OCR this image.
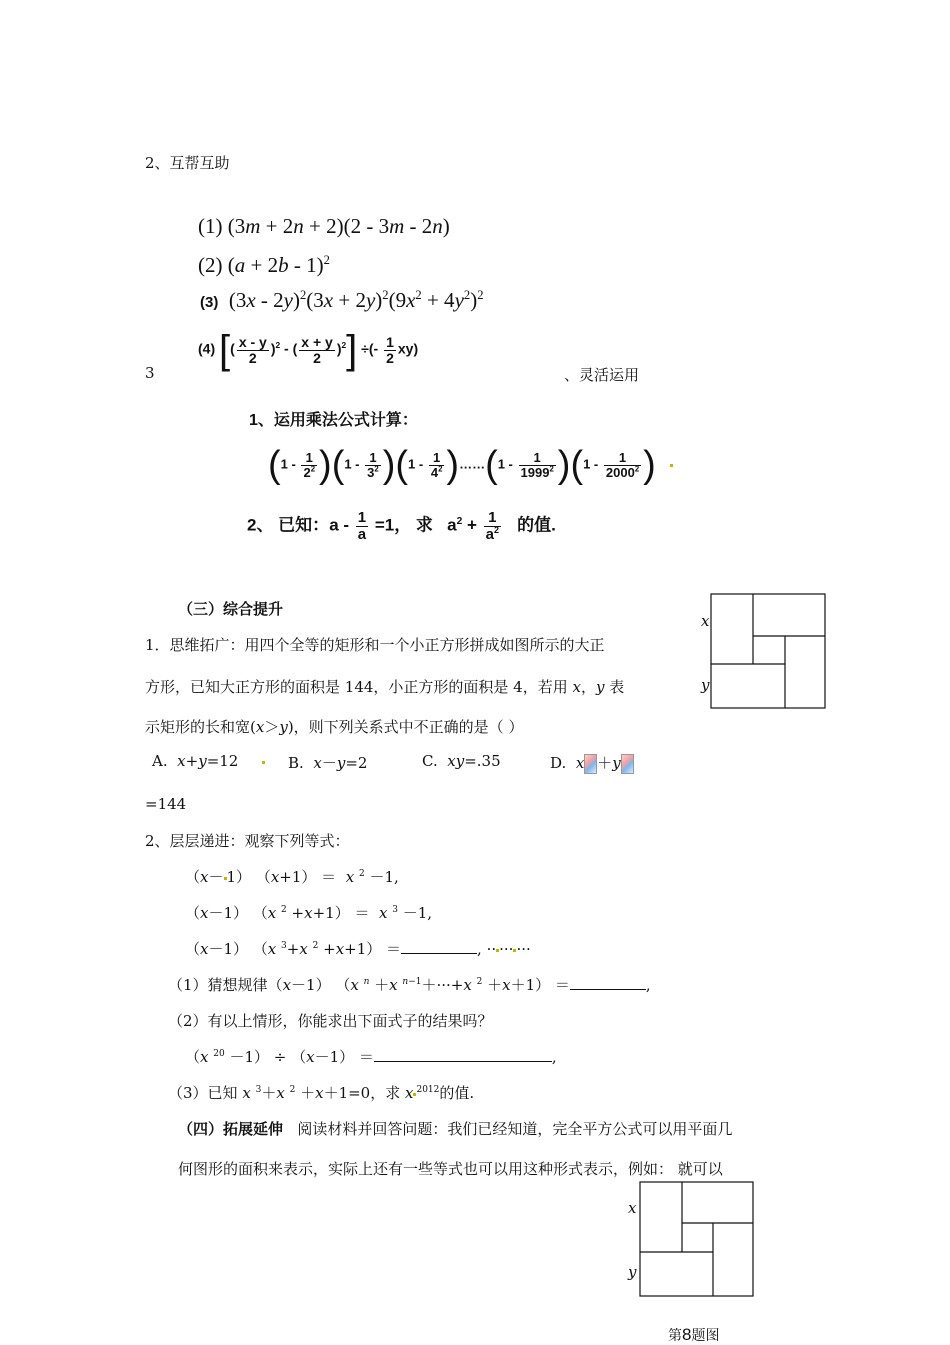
2、互帮互助
(1) (3m + 2n + 2)(2 - 3m - 2n)
(2) $(a + 2b - 1)^2$
(3)  $(3x - 2y)^2(3x + 2y)^2(9x^2 + 4y^2)^2$
(4) [( $\frac{x - y}{2} )^2$ - ( $\frac{x + y}{2} )^2$] ÷(- $\frac{1}{2} xy$)
3	、灵活运用
1、运用乘法公式计算：
$(1 - \frac{1}{2^2} )(1 - \frac{1}{3^2} )(1 - \frac{1}{4^2}$ )……(1 - $\frac{1}{1999^2} )(1 - \frac{1}{2000^2}$ )
2、 已知：$a - \frac{1}{a} =1$， 求   $a^2 + \frac{1}{a^2}$ 的值.
（三）综合提升
1．思维拓广：用四个全等的矩形和一个小正方形拼成如图所示的大正
方形，已知大正方形的面积是 144，小正方形的面积是 4，若用 x，y 表
示矩形的长和宽(x＞y)，则下列关系式中不正确的是（ ）
A. x+y=12 B. x－y=2	C. xy=.35	D. x ＋y
=144
x
y
2、层层递进：观察下列等式：
（x－ 1） （x+1） ＝  x $^2$ －1,
（x－1） （x $^2$ +x+1） ＝  x $^3$ －1,
（x－1） （x $^3$+x $^2$ +x+1） ＝	, ·· ··· ···
（1）猜想规律（x－1） （x $^n$ ＋x $^{n-1}$＋···+x $^2$ ＋x＋1） ＝	,
（2）有以上情形，你能求出下面式子的结果吗？
（x $^{20}$ －1） ÷ （x－1） ＝	,
（3）已知 x $^3$＋x $^2$ ＋x＋1=0，求 x $^{2012}$的值.
（四）拓展延伸 阅读材料并回答问题：我们已经知道，完全平方公式可以用平面几
何图形的面积来表示，实际上还有一些等式也可以用这种形式表示，例如： 就可以
x
y
第8题图
